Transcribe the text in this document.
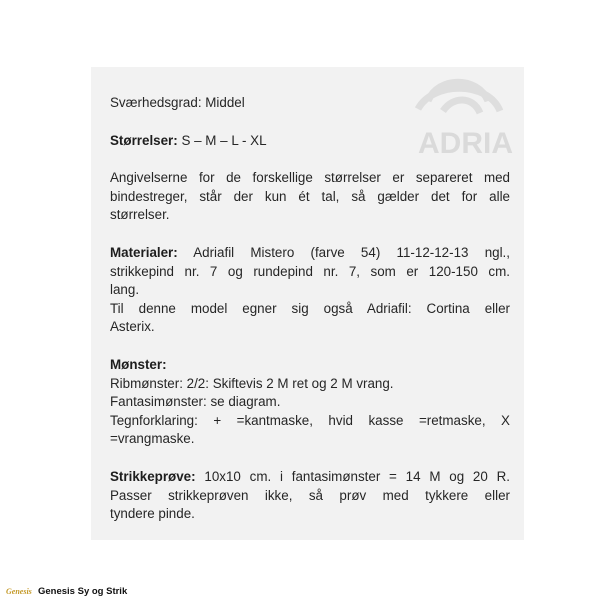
ADRIA

Sværhedsgrad: Middel

Størrelser: S – M – L - XL

Angivelserne for de forskellige størrelser er separeret med

bindestreger, står der kun ét tal, så gælder det for alle

størrelser.

Materialer: Adriafil Mistero (farve 54) 11-12-12-13 ngl.,

strikkepind nr. 7 og rundepind nr. 7, som er 120-150 cm.

lang.

Til denne model egner sig også Adriafil: Cortina eller

Asterix.

Mønster:

Ribmønster: 2/2: Skiftevis 2 M ret og 2 M vrang.

Fantasimønster: se diagram.

Tegnforklaring: + =kantmaske, hvid kasse =retmaske, X

=vrangmaske.

Strikkeprøve: 10x10 cm. i fantasimønster = 14 M og 20 R.

Passer strikkeprøven ikke, så prøv med tykkere eller

tyndere pinde.

Genesis Genesis Sy og Strik
